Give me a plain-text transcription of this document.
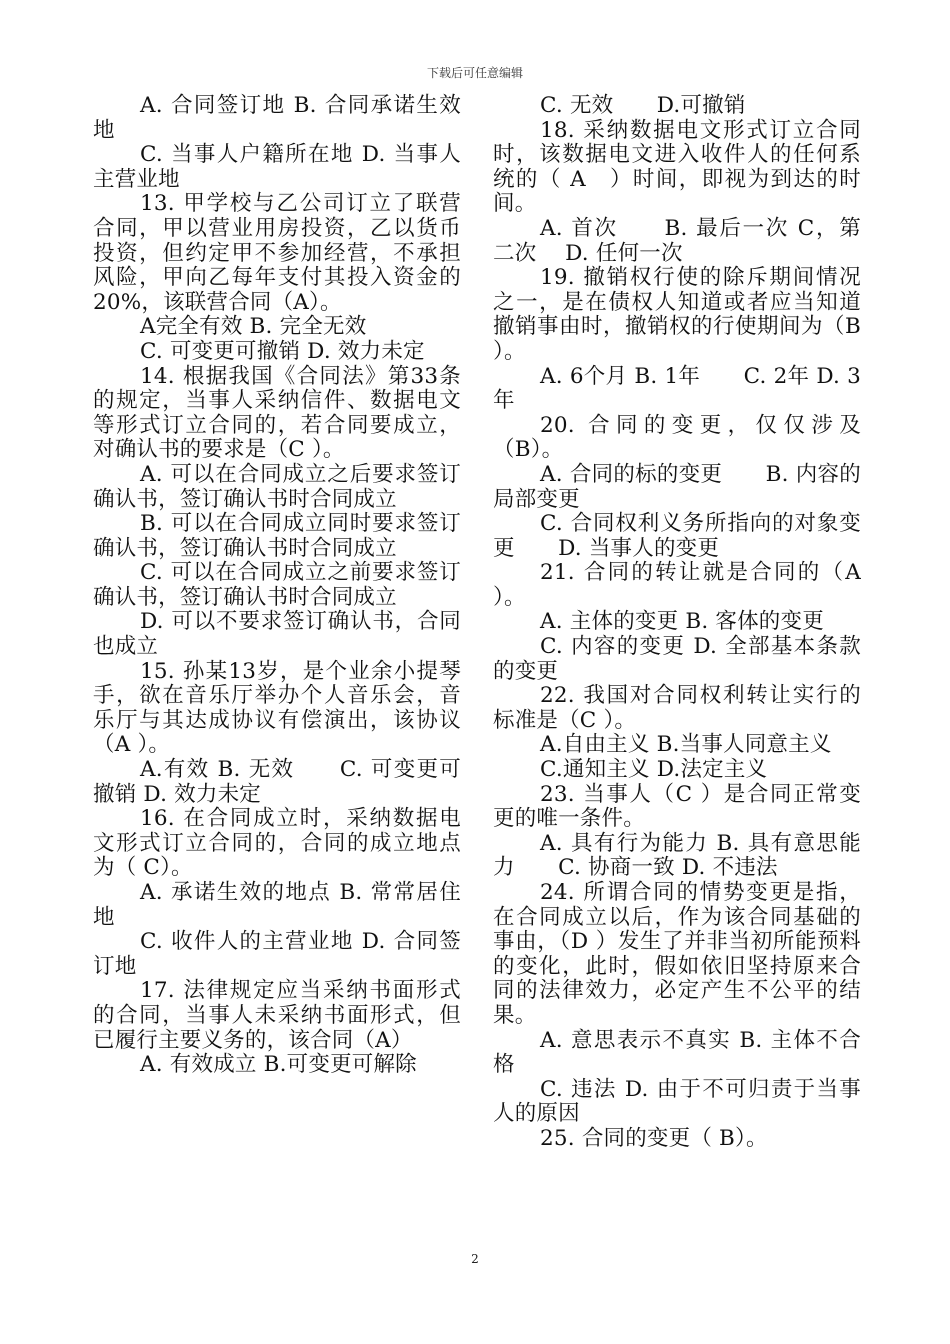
下载后可任意编辑

A. 合同签订地 B. 合同承诺生效地

C. 当事人户籍所在地 D. 当事人主营业地

13. 甲学校与乙公司订立了联营合同，甲以营业用房投资，乙以货币投资，但约定甲不参加经营，不承担风险，甲向乙每年支付其投入资金的20%，该联营合同（A）。

A完全有效 B. 完全无效

C. 可变更可撤销 D. 效力未定

14. 根据我国《合同法》第33条的规定，当事人采纳信件、数据电文等形式订立合同的，若合同要成立，对确认书的要求是（C ）。

A. 可以在合同成立之后要求签订确认书，签订确认书时合同成立

B. 可以在合同成立同时要求签订确认书，签订确认书时合同成立

C. 可以在合同成立之前要求签订确认书，签订确认书时合同成立

D. 可以不要求签订确认书，合同也成立

15. 孙某13岁，是个业余小提琴手，欲在音乐厅举办个人音乐会，音乐厅与其达成协议有偿演出，该协议（A ）。

A.有效 B. 无效　　C. 可变更可撤销 D. 效力未定

16. 在合同成立时，采纳数据电文形式订立合同的，合同的成立地点为（ C）。

A. 承诺生效的地点 B. 常常居住地

C. 收件人的主营业地 D. 合同签订地

17. 法律规定应当采纳书面形式的合同，当事人未采纳书面形式，但已履行主要义务的，该合同（A）

A. 有效成立 B.可变更可解除

C. 无效　　D.可撤销

18. 采纳数据电文形式订立合同时，该数据电文进入收件人的任何系统的（ A　）时间，即视为到达的时间。

A. 首次　　B. 最后一次 C，第二次　 D. 任何一次

19. 撤销权行使的除斥期间情况之一，是在债权人知道或者应当知道撤销事由时，撤销权的行使期间为（B ）。

A. 6个月 B. 1年　　C. 2年 D. 3年

20. 合同的变更，仅仅涉及（B）。

A. 合同的标的变更　　B. 内容的局部变更

C. 合同权利义务所指向的对象变更　　D. 当事人的变更

21. 合同的转让就是合同的（A ）。

A. 主体的变更 B. 客体的变更

C. 内容的变更 D. 全部基本条款的变更

22. 我国对合同权利转让实行的标准是（C ）。

A.自由主义 B.当事人同意主义

C.通知主义 D.法定主义

23. 当事人（C ）是合同正常变更的唯一条件。

A. 具有行为能力 B. 具有意思能力　　C. 协商一致 D. 不违法

24. 所谓合同的情势变更是指，在合同成立以后，作为该合同基础的事由，（D ）发生了并非当初所能预料的变化，此时，假如依旧坚持原来合同的法律效力，必定产生不公平的结果。

A. 意思表示不真实 B. 主体不合格

C. 违法 D. 由于不可归责于当事人的原因

25. 合同的变更（ B）。

2
